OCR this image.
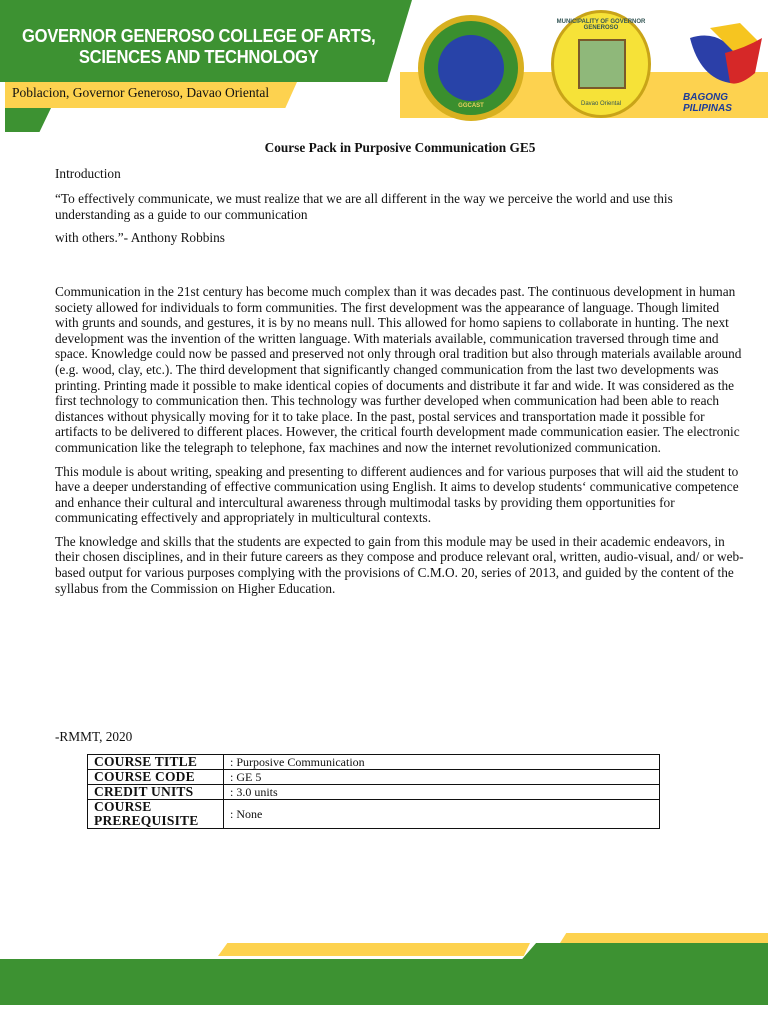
GOVERNOR GENEROSO COLLEGE OF ARTS,
SCIENCES AND TECHNOLOGY
Poblacion, Governor Generoso, Davao Oriental
GGCAST
MUNICIPALITY OF GOVERNOR GENEROSO
Davao Oriental
BAGONG PILIPINAS
Course Pack in Purposive Communication GE5
Introduction

“To effectively communicate, we must realize that we are all different in the way we perceive the world and use this understanding as a guide to our communication

with others.”- Anthony Robbins

Communication in the 21st century has become much complex than it was decades past. The continuous development in human society allowed for individuals to form communities. The first development was the appearance of language. Though limited with grunts and sounds, and gestures, it is by no means null. This allowed for homo sapiens to collaborate in hunting. The next development was the invention of the written language. With materials available, communication traversed through time and space. Knowledge could now be passed and preserved not only through oral tradition but also through materials available around (e.g. wood, clay, etc.). The third development that significantly changed communication from the last two developments was printing. Printing made it possible to make identical copies of documents and distribute it far and wide. It was considered as the first technology to communication then. This technology was further developed when communication had been able to reach distances without physically moving for it to take place. In the past, postal services and transportation made it possible for artifacts to be delivered to different places. However, the critical fourth development made communication easier. The electronic communication like the telegraph to telephone, fax machines and now the internet revolutionized communication.

This module is about writing, speaking and presenting to different audiences and for various purposes that will aid the student to have a deeper understanding of effective communication using English. It aims to develop students‘ communicative competence and enhance their cultural and intercultural awareness through multimodal tasks by providing them opportunities for communicating effectively and appropriately in multicultural contexts.

The knowledge and skills that the students are expected to gain from this module may be used in their academic endeavors, in their chosen disciplines, and in their future careers as they compose and produce relevant oral, written, audio-visual, and/ or web-based output for various purposes complying with the provisions of C.M.O. 20, series of 2013, and guided by the content of the syllabus from the Commission on Higher Education.

-RMMT, 2020
COURSE TITLE	: Purposive Communication
COURSE CODE	: GE 5
CREDIT UNITS	: 3.0 units
COURSE PREREQUISITE	: None
